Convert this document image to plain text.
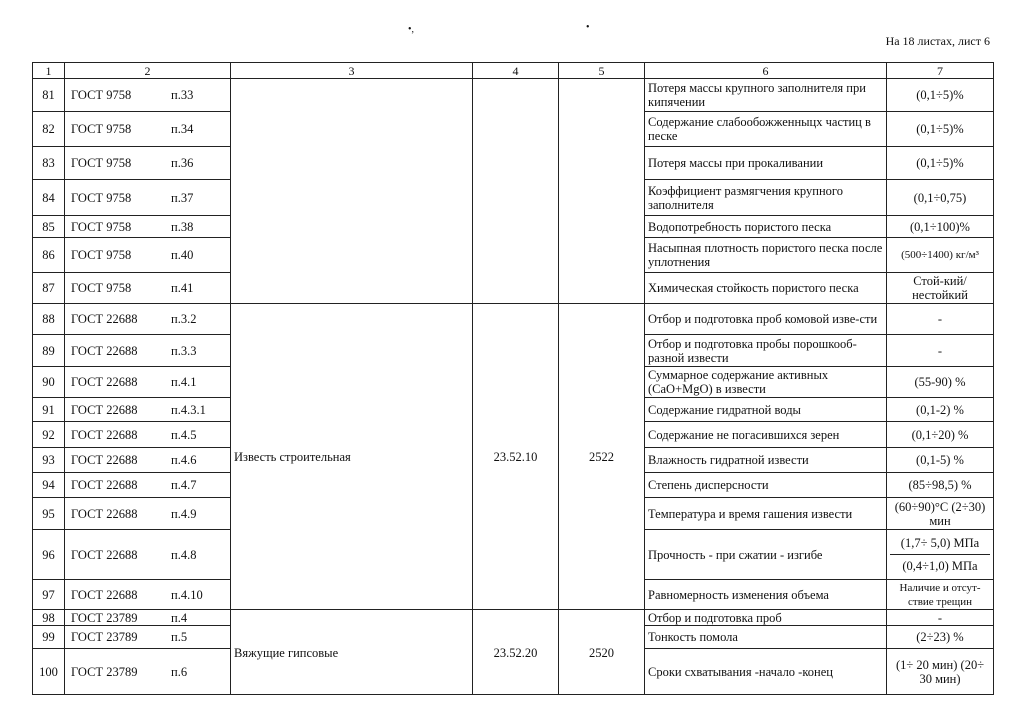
•,	•
На 18 листах, лист 6
1	2	3	4	5	6	7
81	ГОСТ 9758 п.33				Потеря массы крупного заполнителя при кипячении	(0,1÷5)%
82	ГОСТ 9758 п.34				Содержание слабообожженныцх частиц в песке	(0,1÷5)%
83	ГОСТ 9758 п.36				Потеря массы при прокаливании	(0,1÷5)%
84	ГОСТ 9758 п.37				Коэффициент размягчения крупного заполнителя	(0,1÷0,75)
85	ГОСТ 9758 п.38				Водопотребность пористого песка	(0,1÷100)%
86	ГОСТ 9758 п.40				Насыпная плотность пористого песка после уплотнения	(500÷1400) кг/м³
87	ГОСТ 9758 п.41				Химическая стойкость пористого песка	Стой-кий/нестойкий
88	ГОСТ 22688 п.3.2	Известь строительная	23.52.10	2522	Отбор и подготовка проб комовой изве-сти	-
89	ГОСТ 22688 п.3.3				Отбор и подготовка пробы порошкооб-разной извести	-
90	ГОСТ 22688 п.4.1				Суммарное содержание активных (CaO+MgO) в извести	(55-90) %
91	ГОСТ 22688 п.4.3.1				Содержание гидратной воды	(0,1-2) %
92	ГОСТ 22688 п.4.5				Содержание не погасившихся зерен	(0,1÷20) %
93	ГОСТ 22688 п.4.6				Влажность гидратной извести	(0,1-5) %
94	ГОСТ 22688 п.4.7				Степень дисперсности	(85÷98,5) %
95	ГОСТ 22688 п.4.9				Температура и время гашения извести	(60÷90)°С (2÷30) мин
96	ГОСТ 22688 п.4.8				Прочность - при сжатии - изгибе	(1,7÷ 5,0) МПа
(0,4÷1,0) МПа

97	ГОСТ 22688 п.4.10				Равномерность изменения объема	Наличие и отсут-ствие трещин
98	ГОСТ 23789 п.4	Вяжущие гипсовые	23.52.20	2520	Отбор и подготовка проб	-
99	ГОСТ 23789 п.5				Тонкость помола	(2÷23) %
100	ГОСТ 23789 п.6				Сроки схватывания -начало -конец	(1÷ 20 мин) (20÷ 30 мин)
